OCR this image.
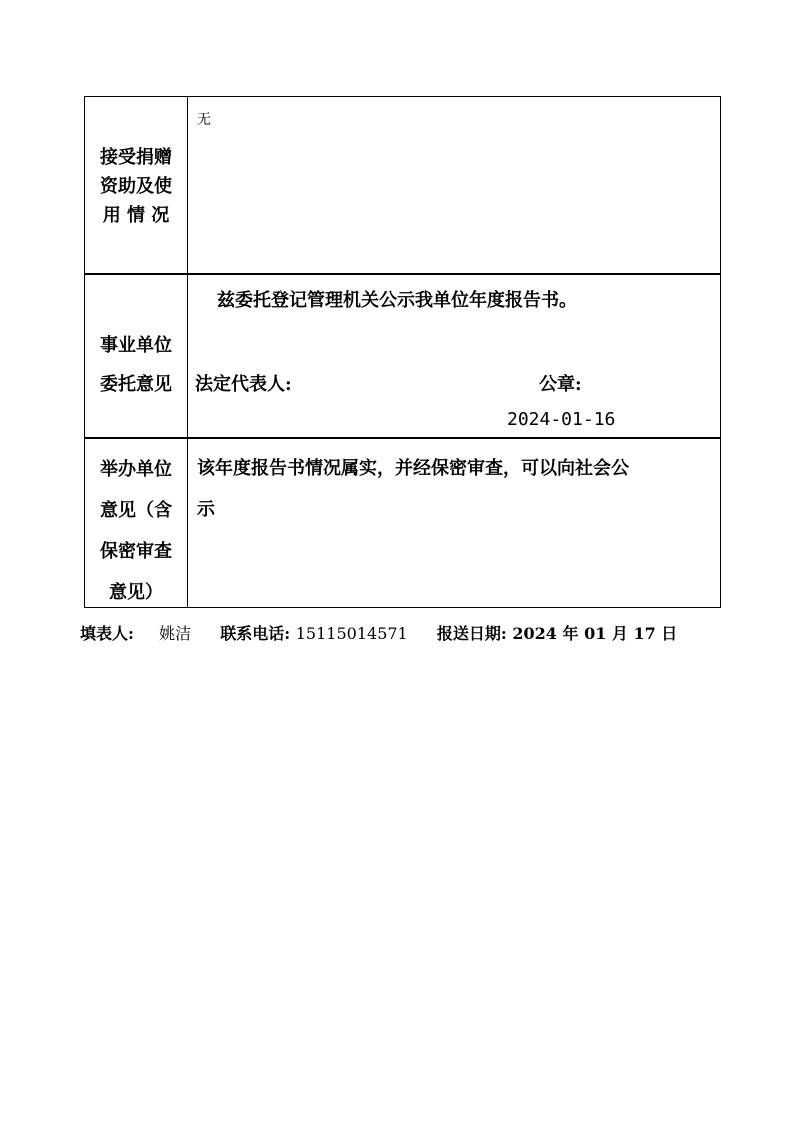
接受捐赠
资助及使
用 情 况
无
事业单位
委托意见
兹委托登记管理机关公示我单位年度报告书。
法定代表人:	公章:
2024-01-16
举办单位
意见（含
保密审查
意见）
该年度报告书情况属实，并经保密审查，可以向社会公
示
填表人: 姚洁 联系电话: 15115014571 报送日期: 2024 年 01 月 17 日
